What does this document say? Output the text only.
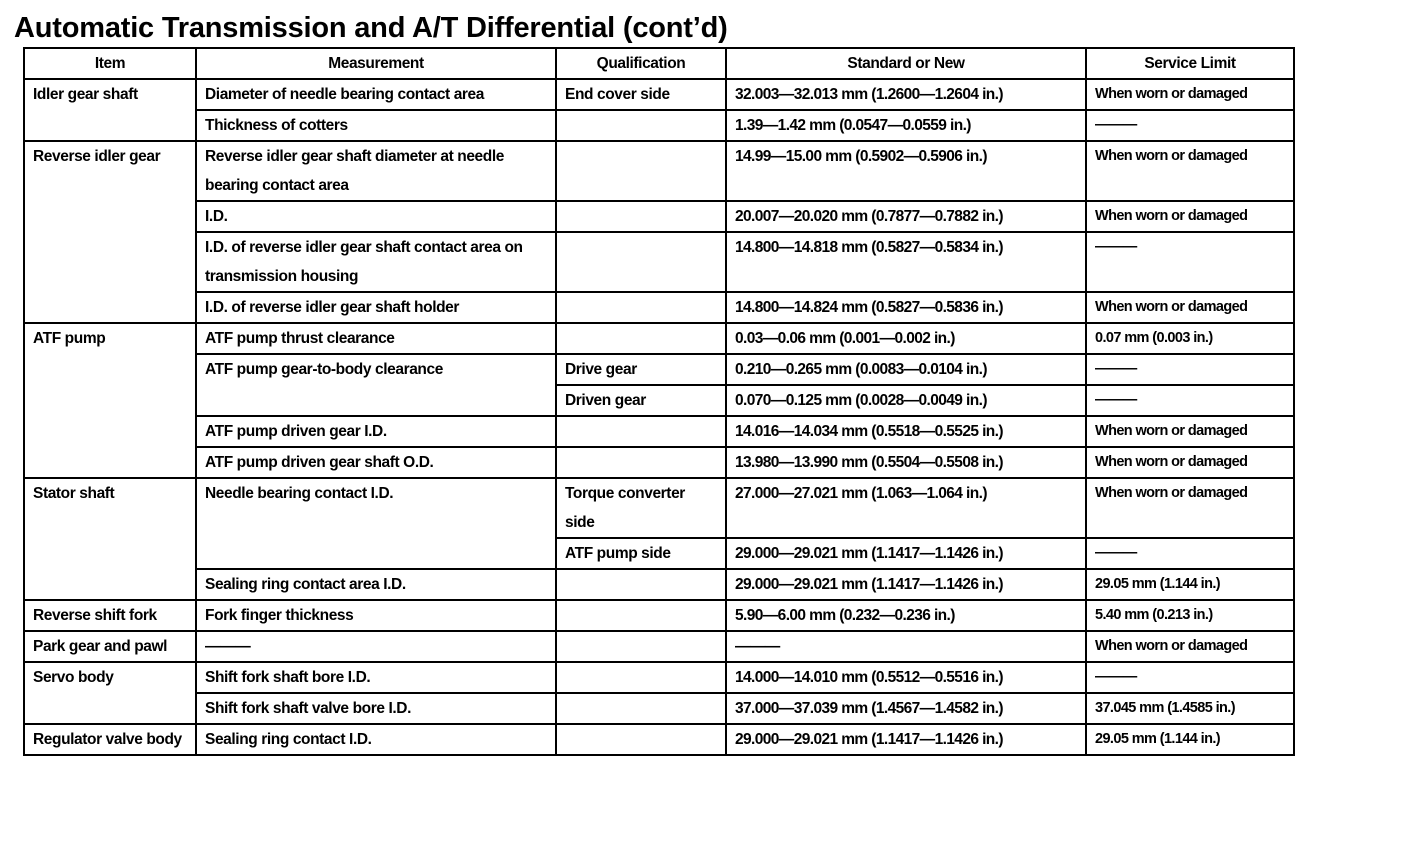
Automatic Transmission and A/T Differential (cont’d)
Item	Measurement	Qualification	Standard or New	Service Limit
Idler gear shaft	Diameter of needle bearing contact area	End cover side	32.003—32.013 mm (1.2600—1.2604 in.)	When worn or damaged
	Thickness of cotters		1.39—1.42 mm (0.0547—0.0559 in.)	———
Reverse idler gear	Reverse idler gear shaft diameter at needle bearing contact area		14.99—15.00 mm (0.5902—0.5906 in.)	When worn or damaged
	I.D.		20.007—20.020 mm (0.7877—0.7882 in.)	When worn or damaged
	I.D. of reverse idler gear shaft contact area on transmission housing		14.800—14.818 mm (0.5827—0.5834 in.)	———
	I.D. of reverse idler gear shaft holder		14.800—14.824 mm (0.5827—0.5836 in.)	When worn or damaged
ATF pump	ATF pump thrust clearance		0.03—0.06 mm (0.001—0.002 in.)	0.07 mm (0.003 in.)
	ATF pump gear-to-body clearance	Drive gear	0.210—0.265 mm (0.0083—0.0104 in.)	———
		Driven gear	0.070—0.125 mm (0.0028—0.0049 in.)	———
	ATF pump driven gear I.D.		14.016—14.034 mm (0.5518—0.5525 in.)	When worn or damaged
	ATF pump driven gear shaft O.D.		13.980—13.990 mm (0.5504—0.5508 in.)	When worn or damaged
Stator shaft	Needle bearing contact I.D.	Torque converter side	27.000—27.021 mm (1.063—1.064 in.)	When worn or damaged
		ATF pump side	29.000—29.021 mm (1.1417—1.1426 in.)	———
	Sealing ring contact area I.D.		29.000—29.021 mm (1.1417—1.1426 in.)	29.05 mm (1.144 in.)
Reverse shift fork	Fork finger thickness		5.90—6.00 mm (0.232—0.236 in.)	5.40 mm (0.213 in.)
Park gear and pawl	———		———	When worn or damaged
Servo body	Shift fork shaft bore I.D.		14.000—14.010 mm (0.5512—0.5516 in.)	———
	Shift fork shaft valve bore I.D.		37.000—37.039 mm (1.4567—1.4582 in.)	37.045 mm (1.4585 in.)
Regulator valve body	Sealing ring contact I.D.		29.000—29.021 mm (1.1417—1.1426 in.)	29.05 mm (1.144 in.)
